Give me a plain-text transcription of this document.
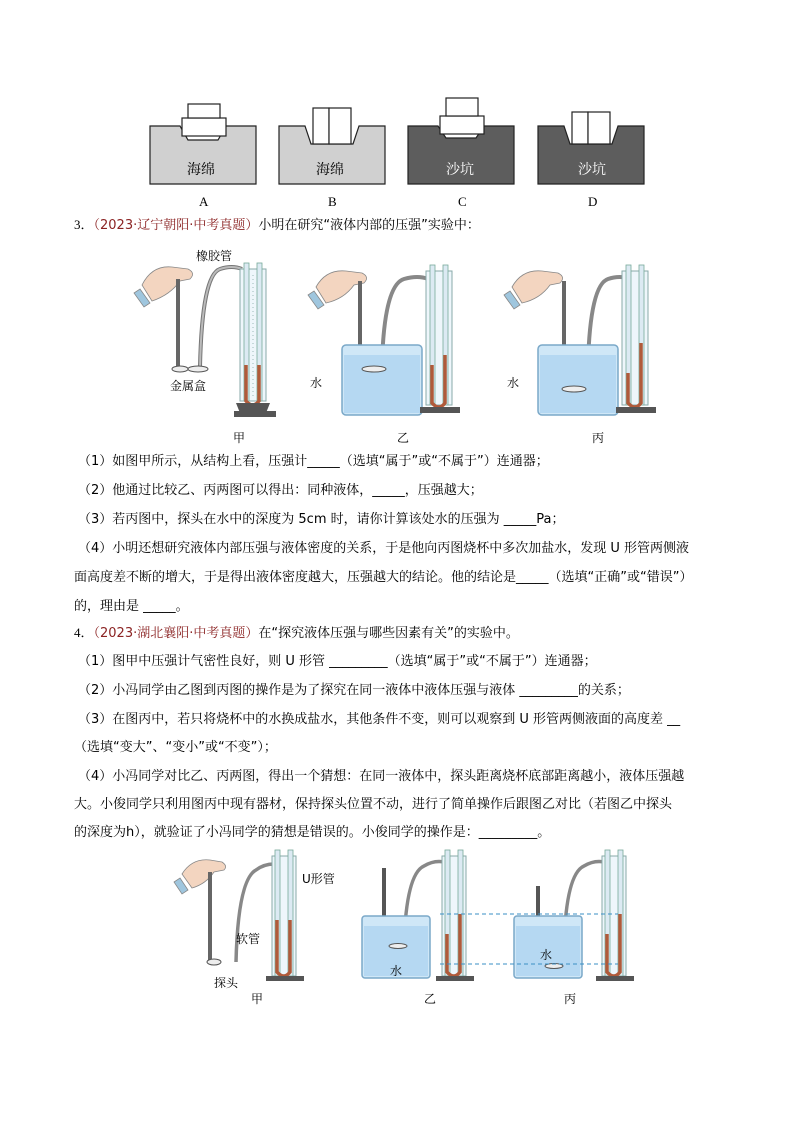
海绵
A
海绵
B
沙坑
C
沙坑
D
3．（2023·辽宁朝阳·中考真题）小明在研究“液体内部的压强”实验中：
橡胶管
金属盒
甲
水
乙
水
丙
（1）如图甲所示，从结构上看，压强计_____（选填“属于”或“不属于”）连通器；
（2）他通过比较乙、丙两图可以得出：同种液体，_____，压强越大；
（3）若丙图中，探头在水中的深度为 5cm 时，请你计算该处水的压强为 _____Pa；
（4）小明还想研究液体内部压强与液体密度的关系，于是他向丙图烧杯中多次加盐水，发现 U 形管两侧液
面高度差不断的增大，于是得出液体密度越大，压强越大的结论。他的结论是_____（选填“正确”或“错误”）
的，理由是 _____。
4．（2023·湖北襄阳·中考真题）在“探究液体压强与哪些因素有关”的实验中。
（1）图甲中压强计气密性良好，则 U 形管 _________（选填“属于”或“不属于”）连通器；
（2）小冯同学由乙图到丙图的操作是为了探究在同一液体中液体压强与液体 _________的关系；
（3）在图丙中，若只将烧杯中的水换成盐水，其他条件不变，则可以观察到 U 形管两侧液面的高度差 __
（选填“变大”、“变小”或“不变”）；
（4）小冯同学对比乙、丙两图，得出一个猜想：在同一液体中，探头距离烧杯底部距离越小，液体压强越
大。小俊同学只利用图丙中现有器材，保持探头位置不动，进行了简单操作后跟图乙对比（若图乙中探头
的深度为h），就验证了小冯同学的猜想是错误的。小俊同学的操作是：_________。
U形管
软管
探头
甲
水
乙
水
丙
